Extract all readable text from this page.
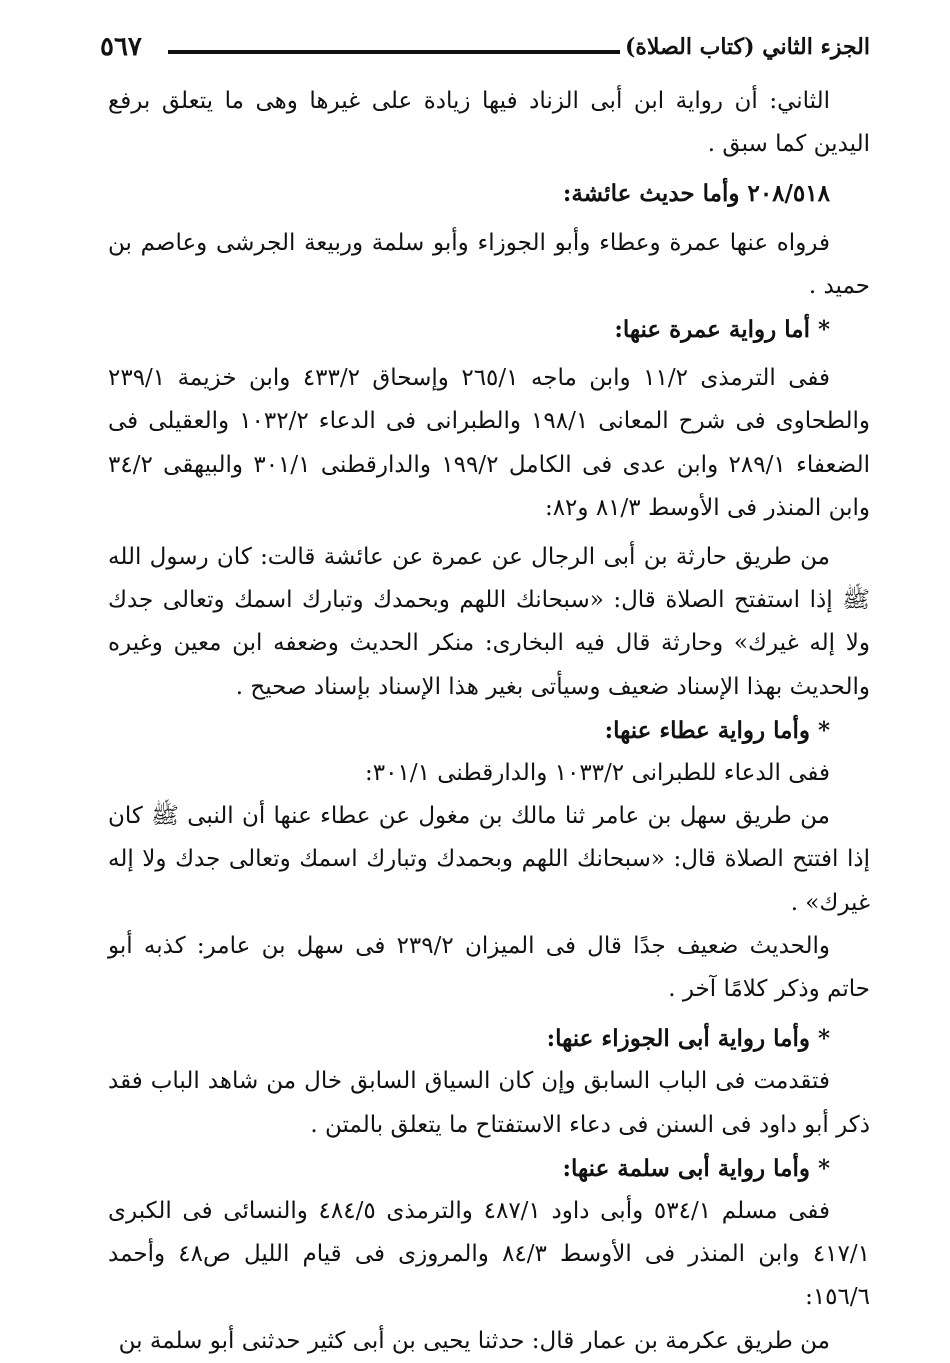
الجزء الثاني (كتاب الصلاة)
٥٦٧

الثاني: أن رواية ابن أبى الزناد فيها زيادة على غيرها وهى ما يتعلق برفع اليدين كما سبق .

٢٠٨/٥١٨ وأما حديث عائشة:

فرواه عنها عمرة وعطاء وأبو الجوزاء وأبو سلمة وربيعة الجرشى وعاصم بن حميد .

* أما رواية عمرة عنها:

ففى الترمذى ١١/٢ وابن ماجه ٢٦٥/١ وإسحاق ٤٣٣/٢ وابن خزيمة ٢٣٩/١ والطحاوى فى شرح المعانى ١٩٨/١ والطبرانى فى الدعاء ١٠٣٢/٢ والعقيلى فى الضعفاء ٢٨٩/١ وابن عدى فى الكامل ١٩٩/٢ والدارقطنى ٣٠١/١ والبيهقى ٣٤/٢ وابن المنذر فى الأوسط ٨١/٣ و٨٢:

من طريق حارثة بن أبى الرجال عن عمرة عن عائشة قالت: كان رسول الله ﷺ إذا استفتح الصلاة قال: «سبحانك اللهم وبحمدك وتبارك اسمك وتعالى جدك ولا إله غيرك» وحارثة قال فيه البخارى: منكر الحديث وضعفه ابن معين وغيره والحديث بهذا الإسناد ضعيف وسيأتى بغير هذا الإسناد بإسناد صحيح .

* وأما رواية عطاء عنها:

ففى الدعاء للطبرانى ١٠٣٣/٢ والدارقطنى ٣٠١/١:

من طريق سهل بن عامر ثنا مالك بن مغول عن عطاء عنها أن النبى ﷺ كان إذا افتتح الصلاة قال: «سبحانك اللهم وبحمدك وتبارك اسمك وتعالى جدك ولا إله غيرك» .

والحديث ضعيف جدًا قال فى الميزان ٢٣٩/٢ فى سهل بن عامر: كذبه أبو حاتم وذكر كلامًا آخر .

* وأما رواية أبى الجوزاء عنها:

فتقدمت فى الباب السابق وإن كان السياق السابق خال من شاهد الباب فقد ذكر أبو داود فى السنن فى دعاء الاستفتاح ما يتعلق بالمتن .

* وأما رواية أبى سلمة عنها:

ففى مسلم ٥٣٤/١ وأبى داود ٤٨٧/١ والترمذى ٤٨٤/٥ والنسائى فى الكبرى ٤١٧/١ وابن المنذر فى الأوسط ٨٤/٣ والمروزى فى قيام الليل ص٤٨ وأحمد ١٥٦/٦:

من طريق عكرمة بن عمار قال: حدثنا يحيى بن أبى كثير حدثنى أبو سلمة بن
